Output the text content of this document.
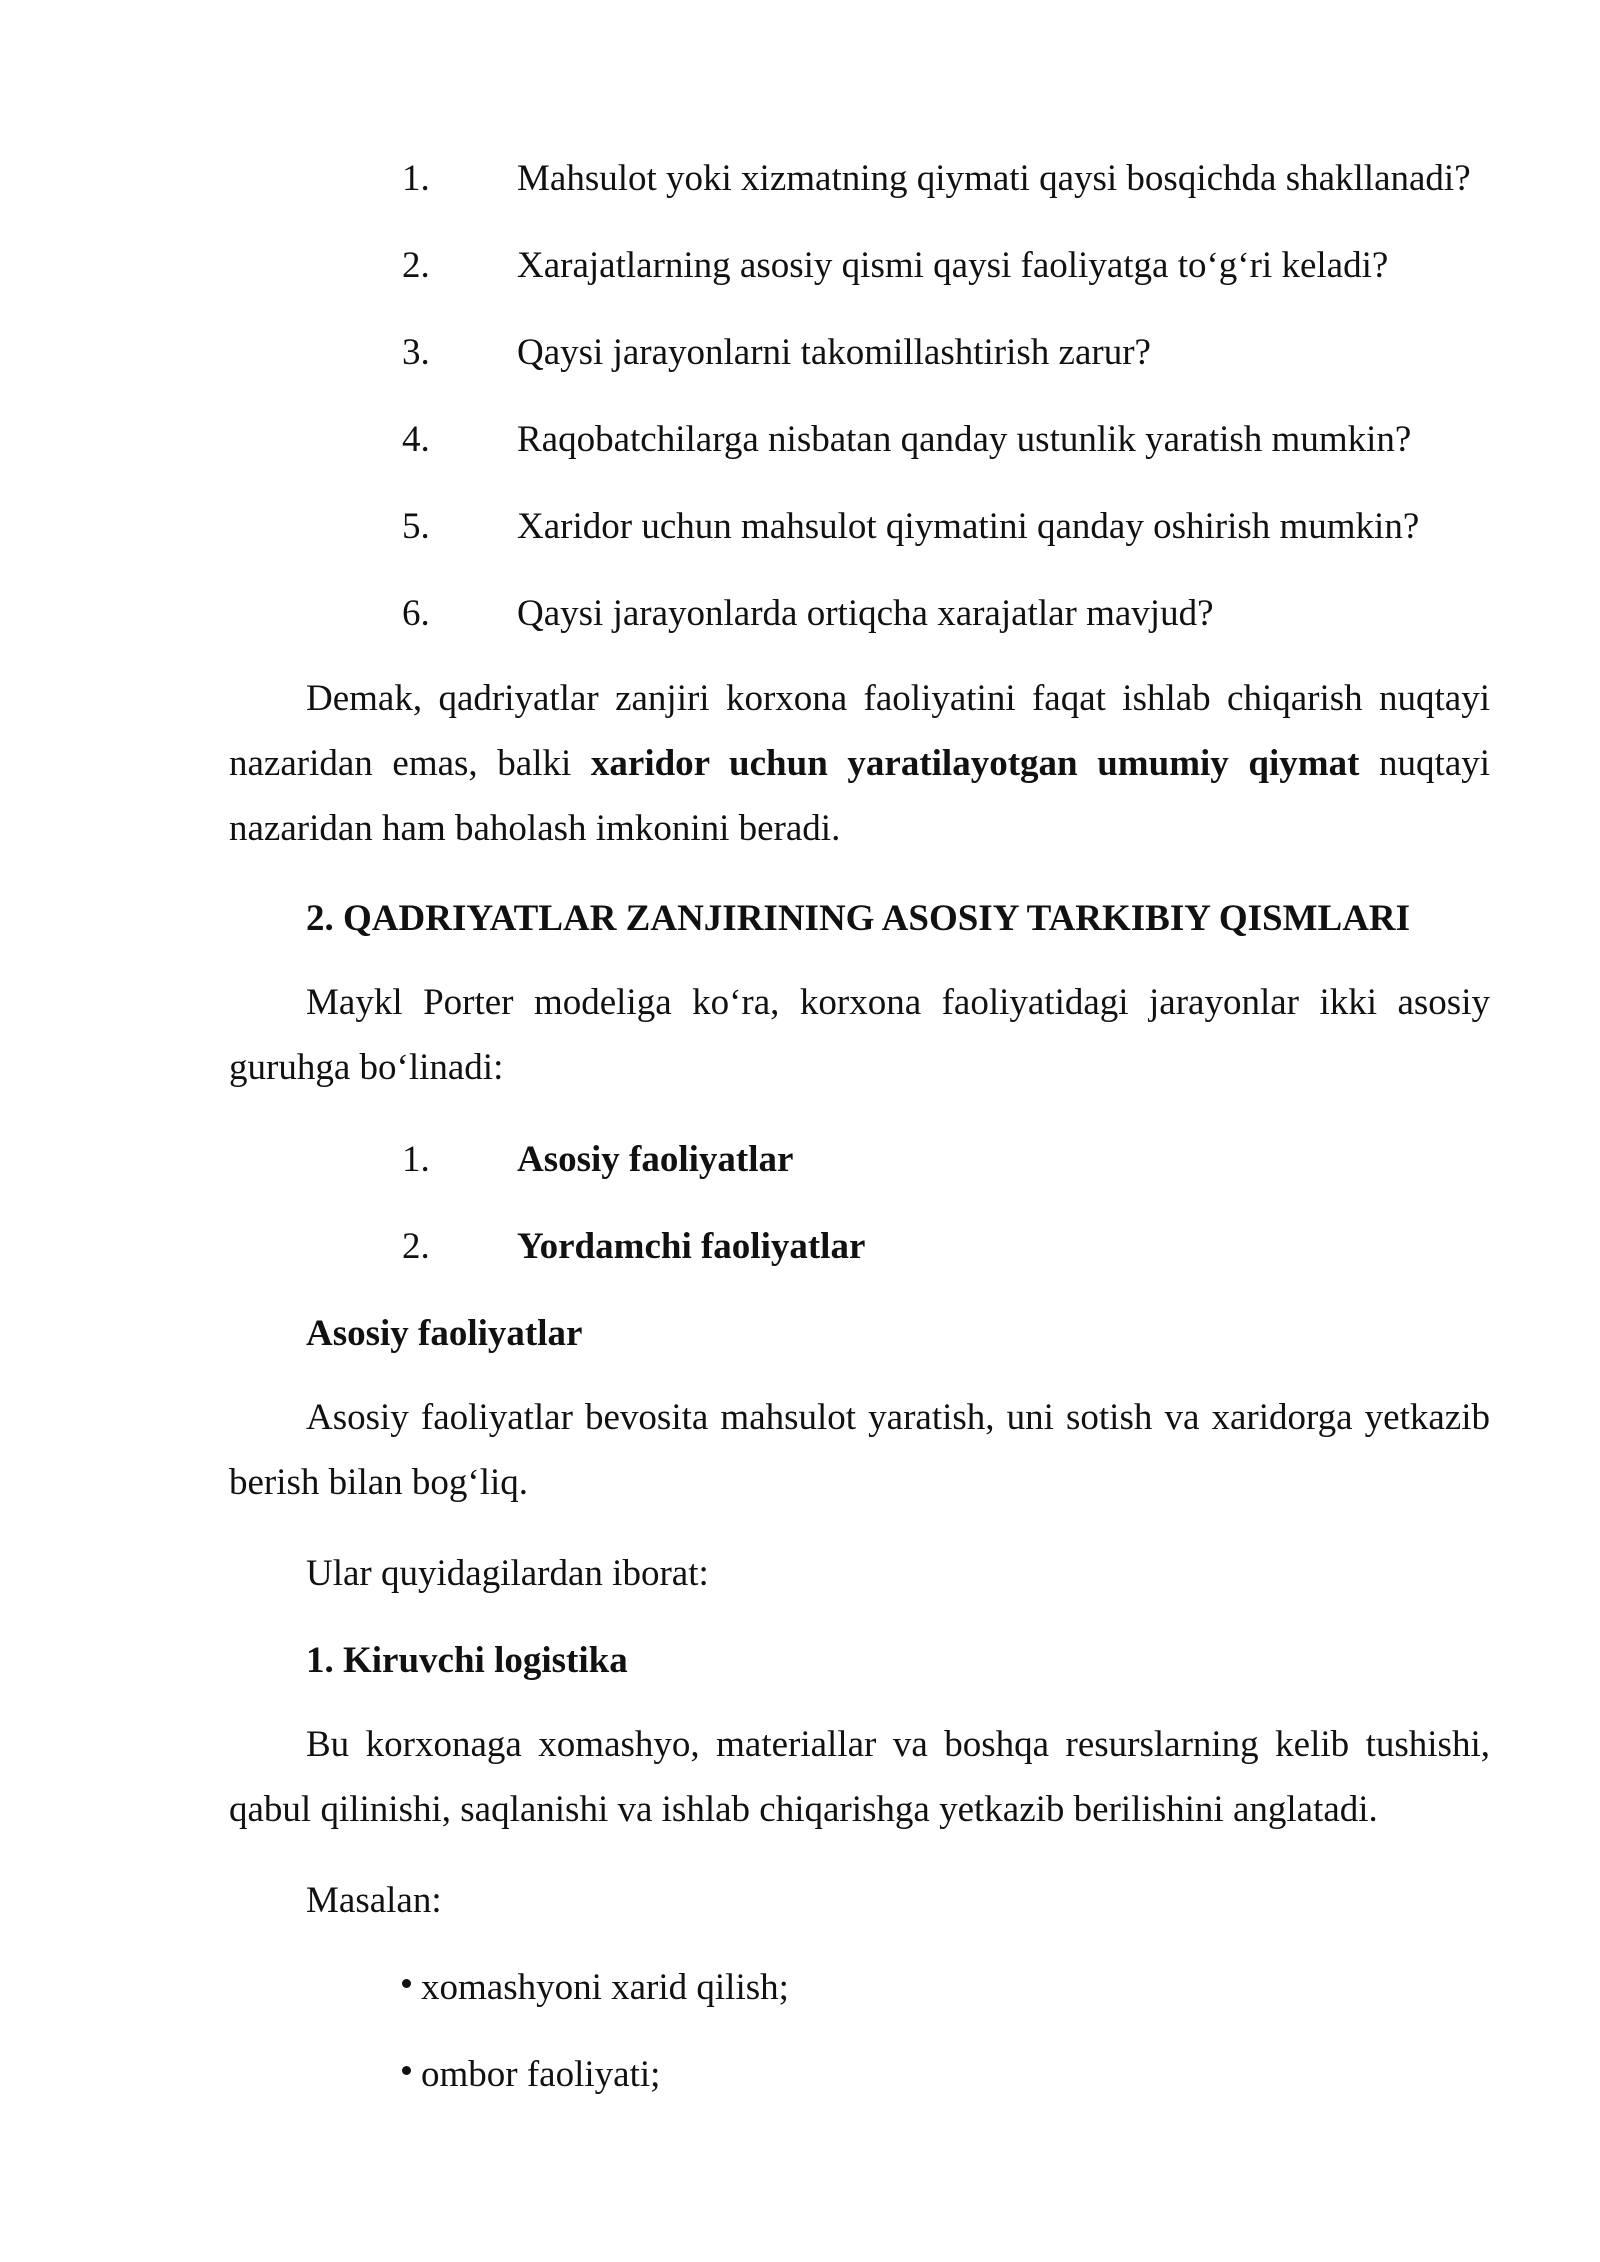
1. Mahsulot yoki xizmatning qiymati qaysi bosqichda shakllanadi?
2. Xarajatlarning asosiy qismi qaysi faoliyatga to‘g‘ri keladi?
3. Qaysi jarayonlarni takomillashtirish zarur?
4. Raqobatchilarga nisbatan qanday ustunlik yaratish mumkin?
5. Xaridor uchun mahsulot qiymatini qanday oshirish mumkin?
6. Qaysi jarayonlarda ortiqcha xarajatlar mavjud?

Demak, qadriyatlar zanjiri korxona faoliyatini faqat ishlab chiqarish nuqtayi nazaridan emas, balki xaridor uchun yaratilayotgan umumiy qiymat nuqtayi nazaridan ham baholash imkonini beradi.

2. QADRIYATLAR ZANJIRINING ASOSIY TARKIBIY QISMLARI

Maykl Porter modeliga ko‘ra, korxona faoliyatidagi jarayonlar ikki asosiy guruhga bo‘linadi:

1. Asosiy faoliyatlar
2. Yordamchi faoliyatlar
Asosiy faoliyatlar

Asosiy faoliyatlar bevosita mahsulot yaratish, uni sotish va xaridorga yetkazib berish bilan bog‘liq.

Ular quyidagilardan iborat:
1. Kiruvchi logistika

Bu korxonaga xomashyo, materiallar va boshqa resurslarning kelib tushishi, qabul qilinishi, saqlanishi va ishlab chiqarishga yetkazib berilishini anglatadi.

Masalan:
xomashyoni xarid qilish;
ombor faoliyati;
